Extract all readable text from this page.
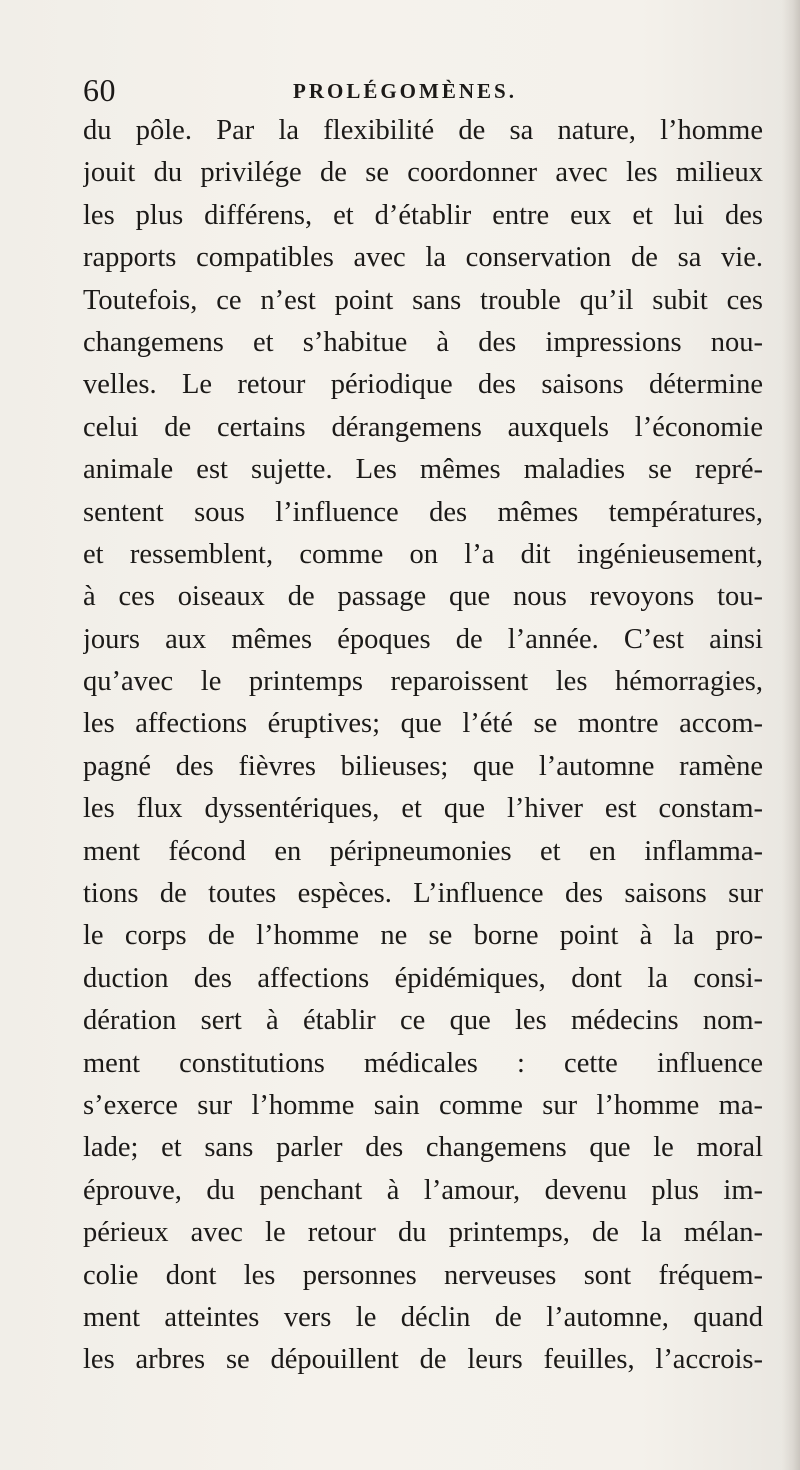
60	PROLÉGOMÈNES.
du pôle. Par la flexibilité de sa nature, l’homme
jouit du privilége de se coordonner avec les milieux
les plus différens, et d’établir entre eux et lui des
rapports compatibles avec la conservation de sa vie.
Toutefois, ce n’est point sans trouble qu’il subit ces
changemens et s’habitue à des impressions nou-
velles. Le retour périodique des saisons détermine
celui de certains dérangemens auxquels l’économie
animale est sujette. Les mêmes maladies se repré-
sentent sous l’influence des mêmes températures,
et ressemblent, comme on l’a dit ingénieusement,
à ces oiseaux de passage que nous revoyons tou-
jours aux mêmes époques de l’année. C’est ainsi
qu’avec le printemps reparoissent les hémorragies,
les affections éruptives; que l’été se montre accom-
pagné des fièvres bilieuses; que l’automne ramène
les flux dyssentériques, et que l’hiver est constam-
ment fécond en péripneumonies et en inflamma-
tions de toutes espèces. L’influence des saisons sur
le corps de l’homme ne se borne point à la pro-
duction des affections épidémiques, dont la consi-
dération sert à établir ce que les médecins nom-
ment constitutions médicales : cette influence
s’exerce sur l’homme sain comme sur l’homme ma-
lade; et sans parler des changemens que le moral
éprouve, du penchant à l’amour, devenu plus im-
périeux avec le retour du printemps, de la mélan-
colie dont les personnes nerveuses sont fréquem-
ment atteintes vers le déclin de l’automne, quand
les arbres se dépouillent de leurs feuilles, l’accrois-
